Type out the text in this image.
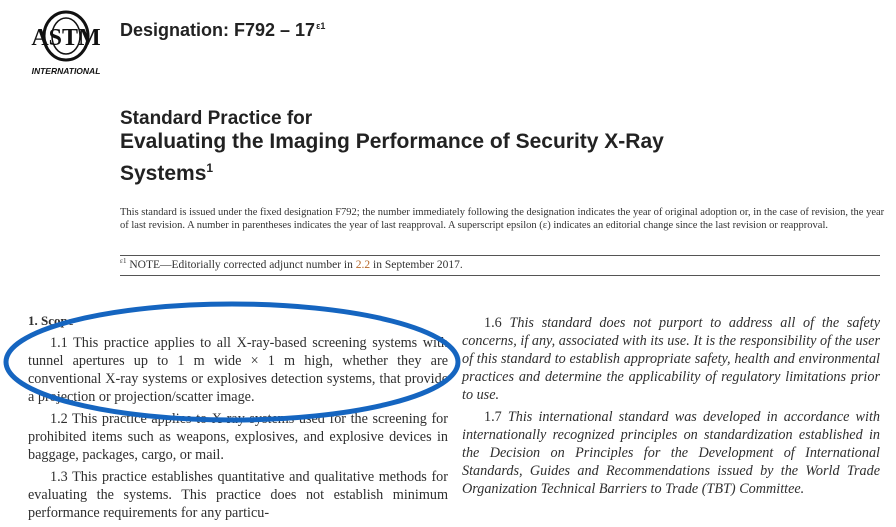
ASTM
INTERNATIONAL
Designation: $F792 - 17^{\varepsilon 1}$
Standard Practice for
Evaluating the Imaging Performance of Security X-Ray
Systems$^1$
This standard is issued under the fixed designation F792; the number immediately following the designation indicates the year of original adoption or, in the case of revision, the year of last revision. A number in parentheses indicates the year of last reapproval. A superscript epsilon (ε) indicates an editorial change since the last revision or reapproval.
$^{\varepsilon 1}$ NOTE—Editorially corrected adjunct number in 2.2 in September 2017.
1. Scope

1.1 This practice applies to all X-ray-based screening systems with tunnel apertures up to 1 m wide × 1 m high, whether they are conventional X-ray systems or explosives detection systems, that provide a projection or projection/scatter image.

1.2 This practice applies to X-ray systems used for the screening for prohibited items such as weapons, explosives, and explosive devices in baggage, packages, cargo, or mail.

1.3 This practice establishes quantitative and qualitative methods for evaluating the systems. This practice does not establish minimum performance requirements for any particu-

1.6 This standard does not purport to address all of the safety concerns, if any, associated with its use. It is the responsibility of the user of this standard to establish appropriate safety, health and environmental practices and determine the applicability of regulatory limitations prior to use.

1.7 This international standard was developed in accordance with internationally recognized principles on standardization established in the Decision on Principles for the Development of International Standards, Guides and Recommendations issued by the World Trade Organization Technical Barriers to Trade (TBT) Committee.
